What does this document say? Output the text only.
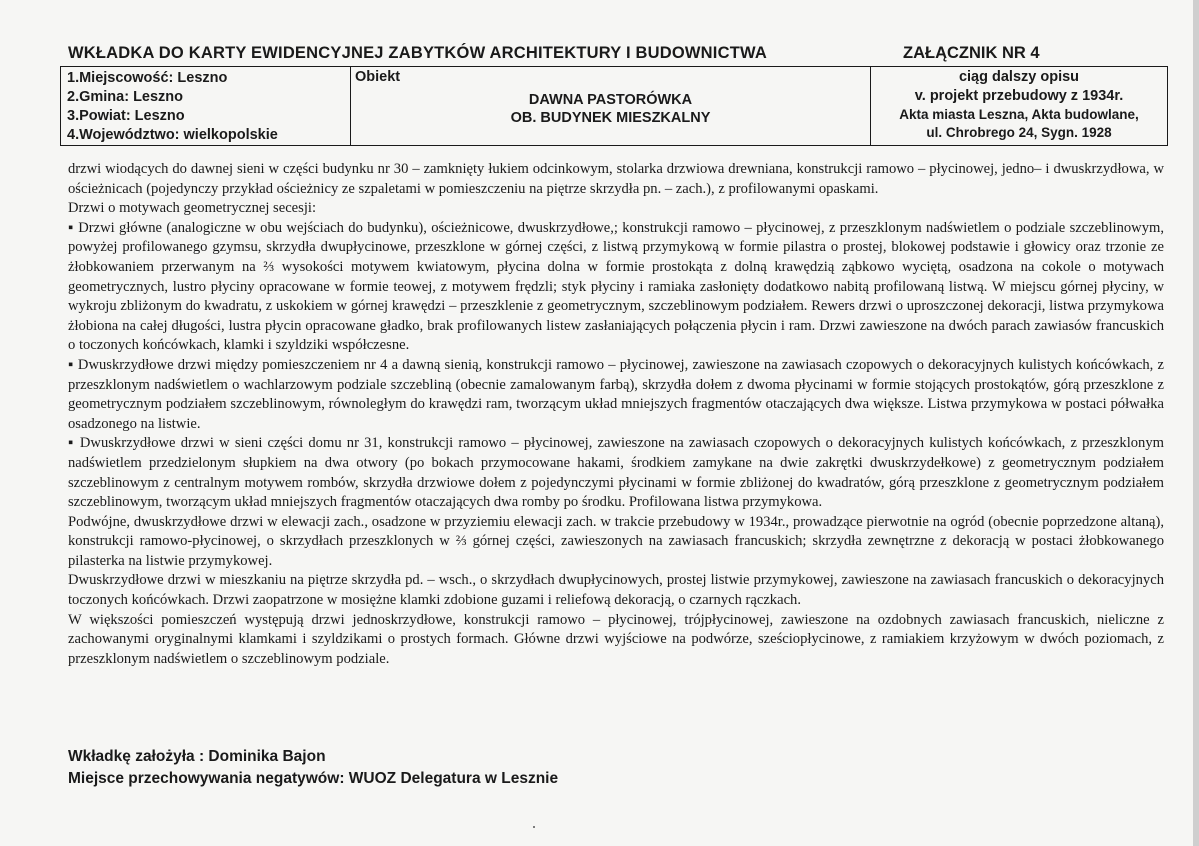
WKŁADKA DO KARTY EWIDENCYJNEJ ZABYTKÓW ARCHITEKTURY I BUDOWNICTWA	ZAŁĄCZNIK NR 4
1.Miejscowość: Leszno
2.Gmina: Leszno
3.Powiat: Leszno
4.Województwo: wielkopolskie

Obiekt
DAWNA PASTORÓWKA
OB. BUDYNEK MIESZKALNY

ciąg dalszy opisu
v. projekt przebudowy z 1934r.
Akta miasta Leszna, Akta budowlane,
ul. Chrobrego 24, Sygn. 1928

drzwi wiodących do dawnej sieni w części budynku nr 30 – zamknięty łukiem odcinkowym, stolarka drzwiowa drewniana, konstrukcji ramowo – płycinowej, jedno– i dwuskrzydłowa, w ościeżnicach (pojedynczy przykład ościeżnicy ze szpaletami w pomieszczeniu na piętrze skrzydła pn. – zach.), z profilowanymi opaskami.

Drzwi o motywach geometrycznej secesji:

▪ Drzwi główne (analogiczne w obu wejściach do budynku), ościeżnicowe, dwuskrzydłowe,; konstrukcji ramowo – płycinowej, z przeszklonym nadświetlem o podziale szczeblinowym, powyżej profilowanego gzymsu, skrzydła dwupłycinowe, przeszklone w górnej części, z listwą przymykową w formie pilastra o prostej, blokowej podstawie i głowicy oraz trzonie ze żłobkowaniem przerwanym na ⅔ wysokości motywem kwiatowym, płycina dolna w formie prostokąta z dolną krawędzią ząbkowo wyciętą, osadzona na cokole o motywach geometrycznych, lustro płyciny opracowane w formie teowej, z motywem frędzli; styk płyciny i ramiaka zasłonięty dodatkowo nabitą profilowaną listwą. W miejscu górnej płyciny, w wykroju zbliżonym do kwadratu, z uskokiem w górnej krawędzi – przeszklenie z geometrycznym, szczeblinowym podziałem. Rewers drzwi o uproszczonej dekoracji, listwa przymykowa żłobiona na całej długości, lustra płycin opracowane gładko, brak profilowanych listew zasłaniających połączenia płycin i ram. Drzwi zawieszone na dwóch parach zawiasów francuskich o toczonych końcówkach, klamki i szyldziki współczesne.

▪ Dwuskrzydłowe drzwi między pomieszczeniem nr 4 a dawną sienią, konstrukcji ramowo – płycinowej, zawieszone na zawiasach czopowych o dekoracyjnych kulistych końcówkach, z przeszklonym nadświetlem o wachlarzowym podziale szczebliną (obecnie zamalowanym farbą), skrzydła dołem z dwoma płycinami w formie stojących prostokątów, górą przeszklone z geometrycznym podziałem szczeblinowym, równoległym do krawędzi ram, tworzącym układ mniejszych fragmentów otaczających dwa większe. Listwa przymykowa w postaci półwałka osadzonego na listwie.

▪ Dwuskrzydłowe drzwi w sieni części domu nr 31, konstrukcji ramowo – płycinowej, zawieszone na zawiasach czopowych o dekoracyjnych kulistych końcówkach, z przeszklonym nadświetlem przedzielonym słupkiem na dwa otwory (po bokach przymocowane hakami, środkiem zamykane na dwie zakrętki dwuskrzydełkowe) z geometrycznym podziałem szczeblinowym z centralnym motywem rombów, skrzydła drzwiowe dołem z pojedynczymi płycinami w formie zbliżonej do kwadratów, górą przeszklone z geometrycznym podziałem szczeblinowym, tworzącym układ mniejszych fragmentów otaczających dwa romby po środku. Profilowana listwa przymykowa.

Podwójne, dwuskrzydłowe drzwi w elewacji zach., osadzone w przyziemiu elewacji zach. w trakcie przebudowy w 1934r., prowadzące pierwotnie na ogród (obecnie poprzedzone altaną), konstrukcji ramowo-płycinowej, o skrzydłach przeszklonych w ⅔ górnej części, zawieszonych na zawiasach francuskich; skrzydła zewnętrzne z dekoracją w postaci żłobkowanego pilasterka na listwie przymykowej.

Dwuskrzydłowe drzwi w mieszkaniu na piętrze skrzydła pd. – wsch., o skrzydłach dwupłycinowych, prostej listwie przymykowej, zawieszone na zawiasach francuskich o dekoracyjnych toczonych końcówkach. Drzwi zaopatrzone w mosiężne klamki zdobione guzami i reliefową dekoracją, o czarnych rączkach.

W większości pomieszczeń występują drzwi jednoskrzydłowe, konstrukcji ramowo – płycinowej, trójpłycinowej, zawieszone na ozdobnych zawiasach francuskich, nieliczne z zachowanymi oryginalnymi klamkami i szyldzikami o prostych formach. Główne drzwi wyjściowe na podwórze, sześciopłycinowe, z ramiakiem krzyżowym w dwóch poziomach, z przeszklonym nadświetlem o szczeblinowym podziale.

Wkładkę założyła : Dominika Bajon
Miejsce przechowywania negatywów: WUOZ Delegatura w Lesznie
